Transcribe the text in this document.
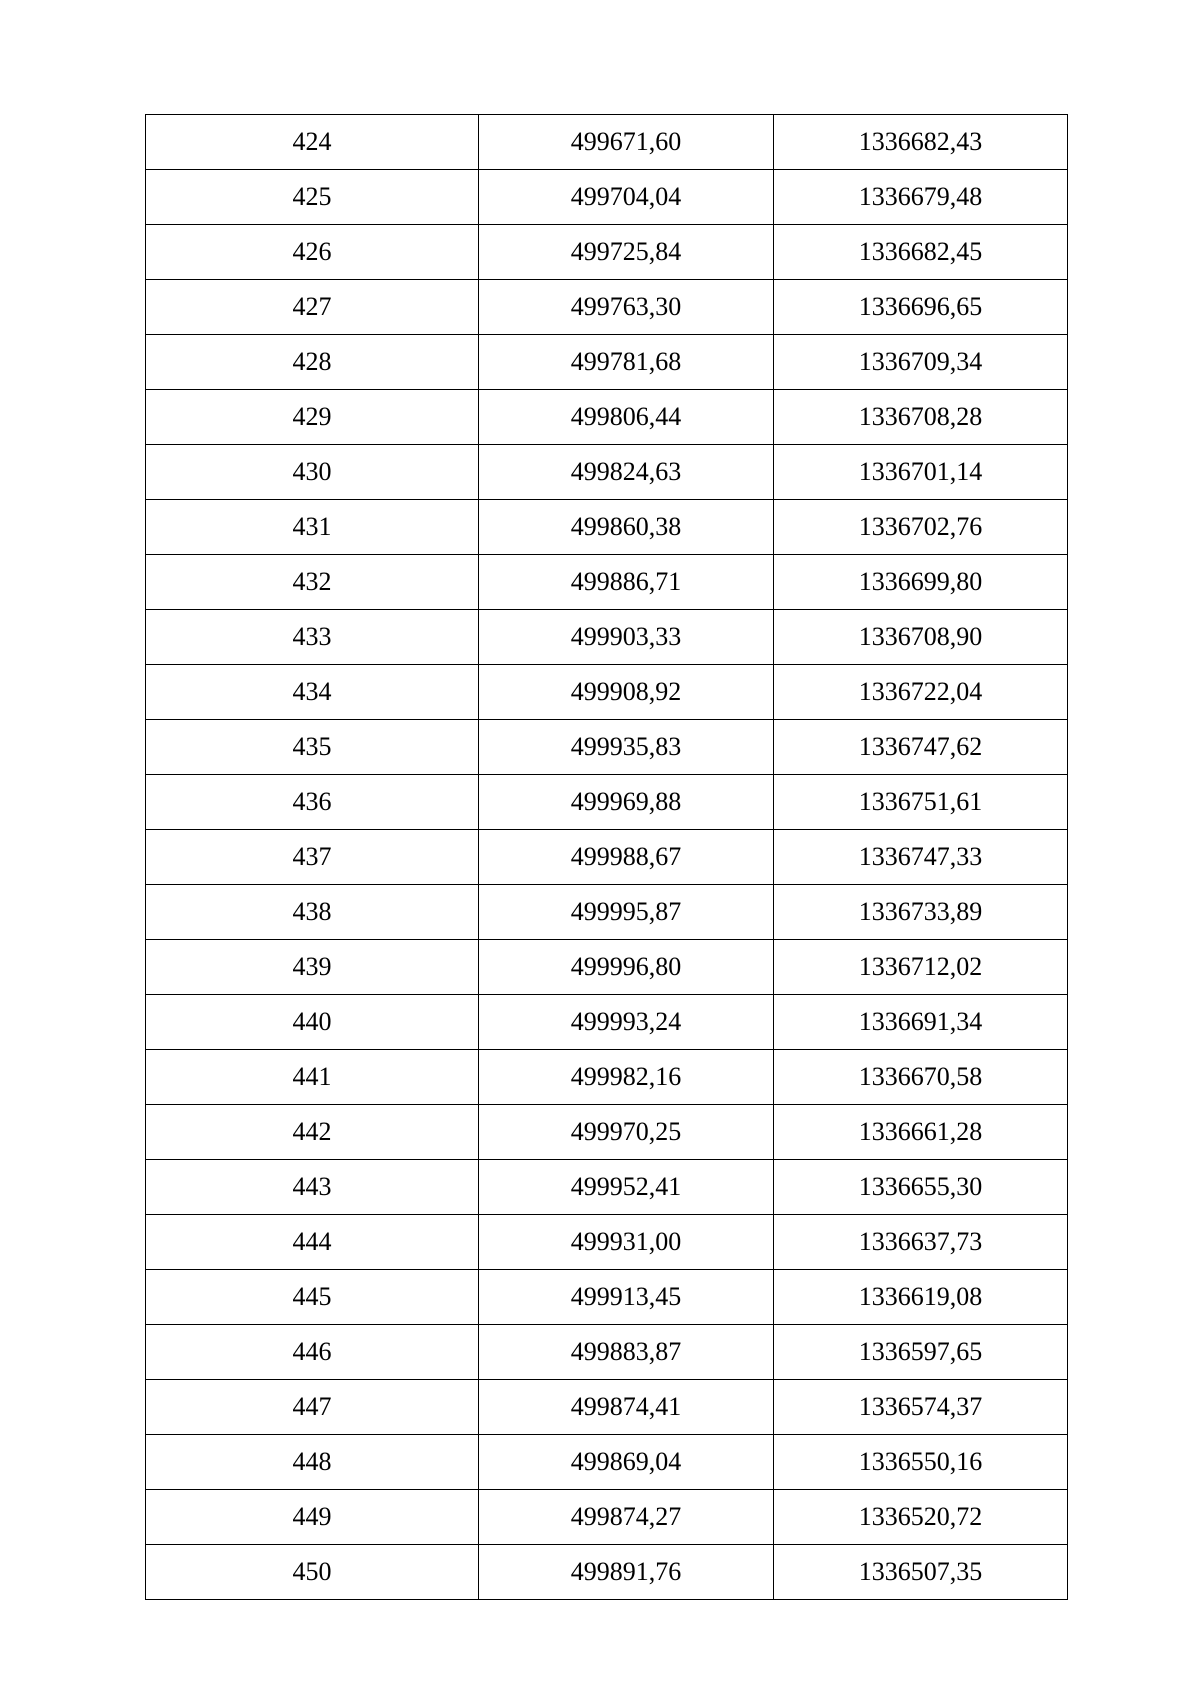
424	499671,60	1336682,43
425	499704,04	1336679,48
426	499725,84	1336682,45
427	499763,30	1336696,65
428	499781,68	1336709,34
429	499806,44	1336708,28
430	499824,63	1336701,14
431	499860,38	1336702,76
432	499886,71	1336699,80
433	499903,33	1336708,90
434	499908,92	1336722,04
435	499935,83	1336747,62
436	499969,88	1336751,61
437	499988,67	1336747,33
438	499995,87	1336733,89
439	499996,80	1336712,02
440	499993,24	1336691,34
441	499982,16	1336670,58
442	499970,25	1336661,28
443	499952,41	1336655,30
444	499931,00	1336637,73
445	499913,45	1336619,08
446	499883,87	1336597,65
447	499874,41	1336574,37
448	499869,04	1336550,16
449	499874,27	1336520,72
450	499891,76	1336507,35
